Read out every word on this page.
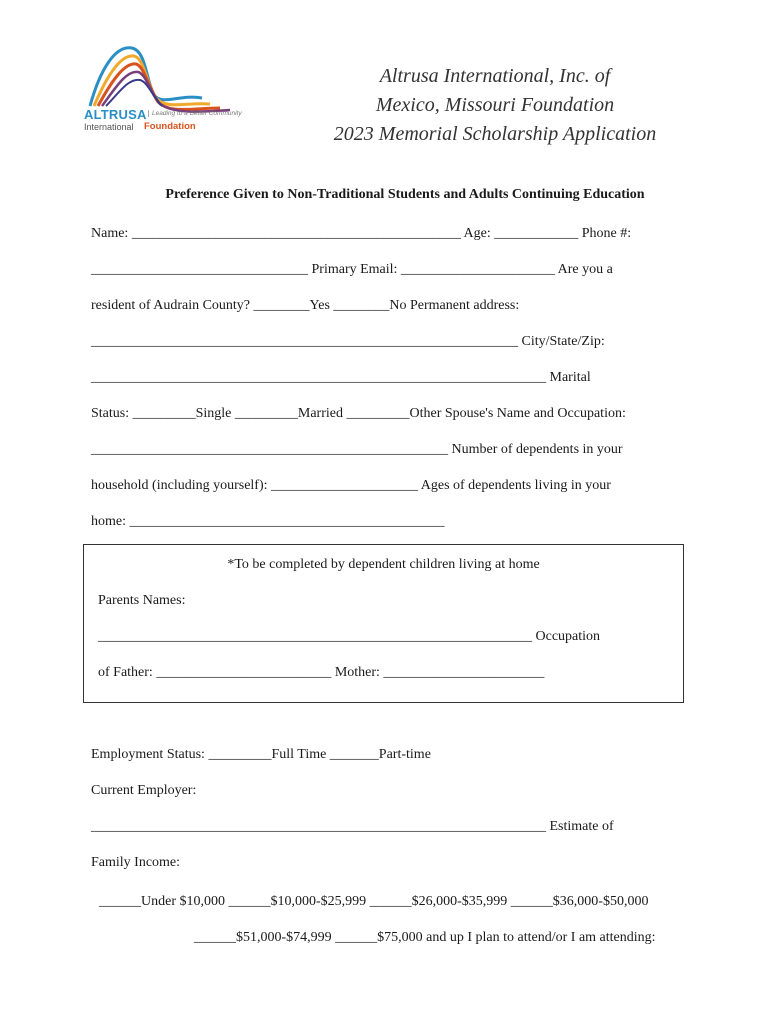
ALTRUSA Leading to a Better Community
International Foundation
Altrusa International, Inc. of
Mexico, Missouri Foundation
2023 Memorial Scholarship Application
Preference Given to Non-Traditional Students and Adults Continuing Education
Name: _______________________________________________ Age: ____________ Phone #:
_______________________________ Primary Email: ______________________ Are you a
resident of Audrain County? ________Yes ________No Permanent address:
_____________________________________________________________ City/State/Zip:
_________________________________________________________________ Marital
Status: _________Single _________Married _________Other Spouse's Name and Occupation:
___________________________________________________ Number of dependents in your
household (including yourself): _____________________ Ages of dependents living in your
home: _____________________________________________
*To be completed by dependent children living at home
Parents Names:
______________________________________________________________ Occupation
of Father: _________________________ Mother: _______________________
Employment Status: _________Full Time _______Part-time
Current Employer:
_________________________________________________________________ Estimate of
Family Income:
______Under $10,000 ______$10,000-$25,999 ______$26,000-$35,999 ______$36,000-$50,000
______$51,000-$74,999 ______$75,000 and up I plan to attend/or I am attending:
